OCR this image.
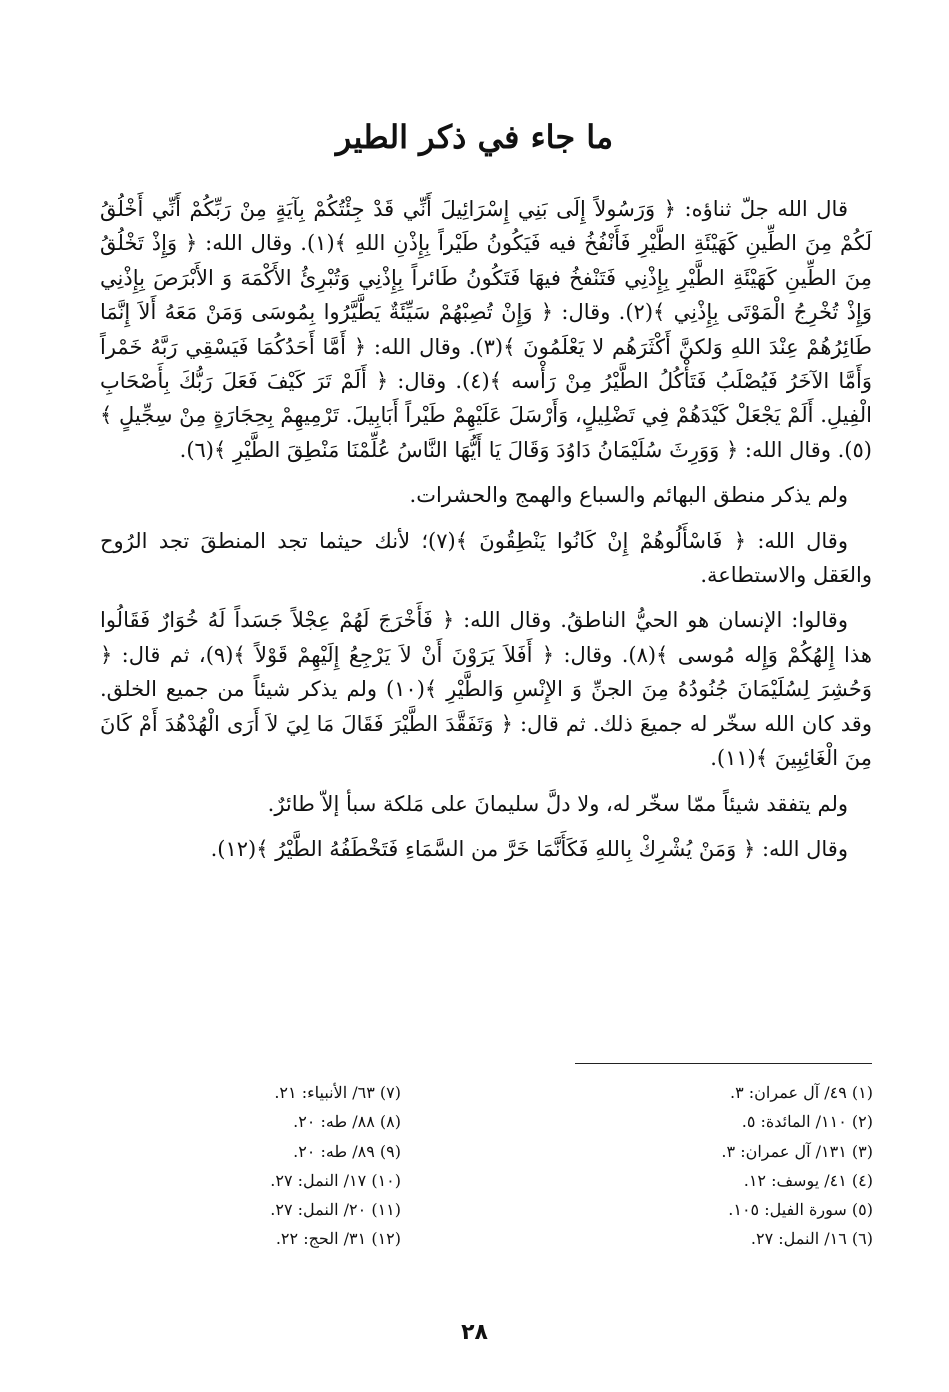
ما جاء في ذكر الطير

قال الله جلّ ثناؤه: ﴿ وَرَسُولاً إِلَى بَنِي إِسْرَائِيلَ أَنِّي قَدْ جِئْتُكُمْ بِآيَةٍ مِنْ رَبِّكُمْ أَنِّي أَخْلُقُ لَكُمْ مِنَ الطِّينِ كَهَيْئَةِ الطَّيْرِ فَأَنْفُخُ فيه فَيَكُونُ طَيْراً بِإِذْنِ اللهِ ﴾(١). وقال الله: ﴿ وَإِذْ تَخْلُقُ مِنَ الطِّينِ كَهَيْئَةِ الطَّيْرِ بِإِذْنِي فَتَنْفخُ فيهَا فَتَكُونُ طَائراً بِإِذْنِي وَتُبْرِئُ الأَكْمَهَ وَ الأَبْرَصَ بِإِذْنِي وَإِذْ تُخْرِجُ الْمَوْتَى بِإِذْنِي ﴾(٢). وقال: ﴿ وَإِنْ تُصِبْهُمْ سَيِّئَةٌ يَطَّيَّرُوا بِمُوسَى وَمَنْ مَعَهُ أَلاَ إِنَّمَا طَائِرُهُمْ عِنْدَ اللهِ وَلكنَّ أَكْثَرَهُم لا يَعْلَمُونَ ﴾(٣). وقال الله: ﴿ أَمَّا أَحَدُكُمَا فَيَسْقِي رَبَّهُ خَمْراً وَأَمَّا الآخَرُ فَيُصْلَبُ فَتَأْكُلُ الطَّيْرُ مِنْ رَأْسه ﴾(٤). وقال: ﴿ أَلَمْ تَرَ كَيْفَ فَعَلَ رَبُّكَ بِأَصْحَابِ الْفِيلِ. أَلَمْ يَجْعَلْ كَيْدَهُمْ فِي تَضْلِيلٍ، وَأَرْسَلَ عَلَيْهِمْ طَيْراً أَبَابِيلَ. تَرْمِيهِمْ بِحِجَارَةٍ مِنْ سِجِّيلٍ ﴾(٥). وقال الله: ﴿ وَوَرِثَ سُلَيْمَانُ دَاوُدَ وَقَالَ يَا أَيُّهَا النَّاسُ عُلِّمْنَا مَنْطِقَ الطَّيْرِ ﴾(٦).

ولم يذكر منطق البهائم والسباع والهمج والحشرات.

وقال الله: ﴿ فَاسْأَلُوهُمْ إِنْ كَانُوا يَنْطِقُونَ ﴾(٧)؛ لأنك حيثما تجد المنطقَ تجد الرُوح والعَقل والاستطاعة.

وقالوا: الإنسان هو الحيُّ الناطقُ. وقال الله: ﴿ فَأَخْرَجَ لَهُمْ عِجْلاً جَسَداً لَهُ خُوَارٌ فَقَالُوا هذا إِلهُكُمْ وَإِله مُوسى ﴾(٨). وقال: ﴿ أَفَلاَ يَرَوْنَ أَنْ لاَ يَرْجِعُ إِلَيْهِمْ قَوْلاً ﴾(٩)، ثم قال: ﴿ وَحُشِرَ لِسُلَيْمَانَ جُنُودُهُ مِنَ الجنِّ وَ الإِنْسِ وَالطَّيْرِ ﴾(١٠) ولم يذكر شيئاً من جميع الخلق. وقد كان الله سخّر له جميعَ ذلك. ثم قال: ﴿ وَتَفَقَّدَ الطَّيْرَ فَقَالَ مَا لِيَ لاَ أَرَى الْهُدْهُدَ أَمْ كَانَ مِنَ الْغَائِبِينَ ﴾(١١).

ولم يتفقد شيئاً ممّا سخّر له، ولا دلَّ سليمانَ على مَلكة سبأ إلاّ طائرٌ.

وقال الله: ﴿ وَمَنْ يُشْرِكْ بِاللهِ فَكَأَنَّمَا خَرَّ من السَّمَاءِ فَتَخْطَفُهُ الطَّيْرُ ﴾(١٢).

(١) ٤٩/ آل عمران: ٣.
(٢) ١١٠/ المائدة: ٥.
(٣) ١٣١/ آل عمران: ٣.
(٤) ٤١/ يوسف: ١٢.
(٥) سورة الفيل: ١٠٥.
(٦) ١٦/ النمل: ٢٧.
(٧) ٦٣/ الأنبياء: ٢١.
(٨) ٨٨/ طه: ٢٠.
(٩) ٨٩/ طه: ٢٠.
(١٠) ١٧/ النمل: ٢٧.
(١١) ٢٠/ النمل: ٢٧.
(١٢) ٣١/ الحج: ٢٢.
٢٨
